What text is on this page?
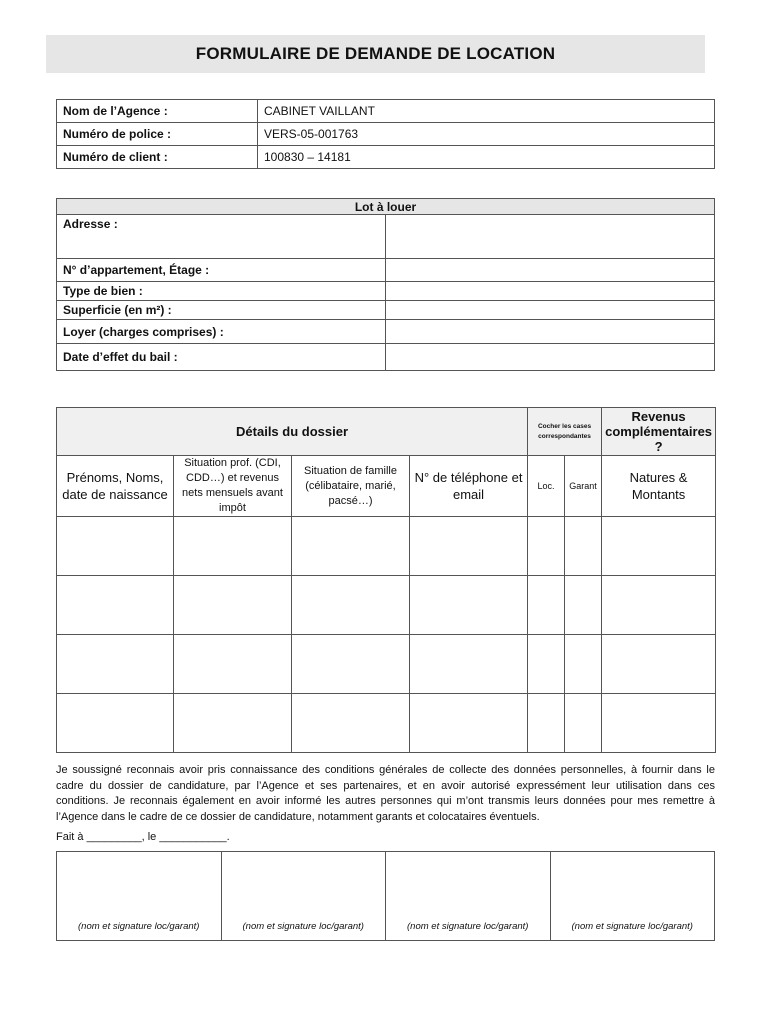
FORMULAIRE DE DEMANDE DE LOCATION
Nom de l’Agence :	CABINET VAILLANT
Numéro de police :	VERS-05-001763
Numéro de client :	100830 – 14181
Lot à louer	
Adresse :	
N° d’appartement, Étage :	
Type de bien :	
Superficie (en m²) :	
Loyer (charges comprises) :	
Date d’effet du bail :	
Détails du dossier				Cocher les cases correspondantes		Revenus complémentaires ?
Prénoms, Noms, date de naissance	Situation prof. (CDI, CDD…) et revenus nets mensuels avant impôt	Situation de famille (célibataire, marié, pacsé…)	N° de téléphone et email	Loc.	Garant	Natures & Montants

Je soussigné reconnais avoir pris connaissance des conditions générales de collecte des données personnelles, à fournir dans le cadre du dossier de candidature, par l’Agence et ses partenaires, et en avoir autorisé expressément leur utilisation dans ces conditions. Je reconnais également en avoir informé les autres personnes qui m’ont transmis leurs données pour mes remettre à l’Agence dans le cadre de ce dossier de candidature, notamment garants et colocataires éventuels.

Fait à _________, le ___________.

(nom et signature loc/garant)	(nom et signature loc/garant)	(nom et signature loc/garant)	(nom et signature loc/garant)
